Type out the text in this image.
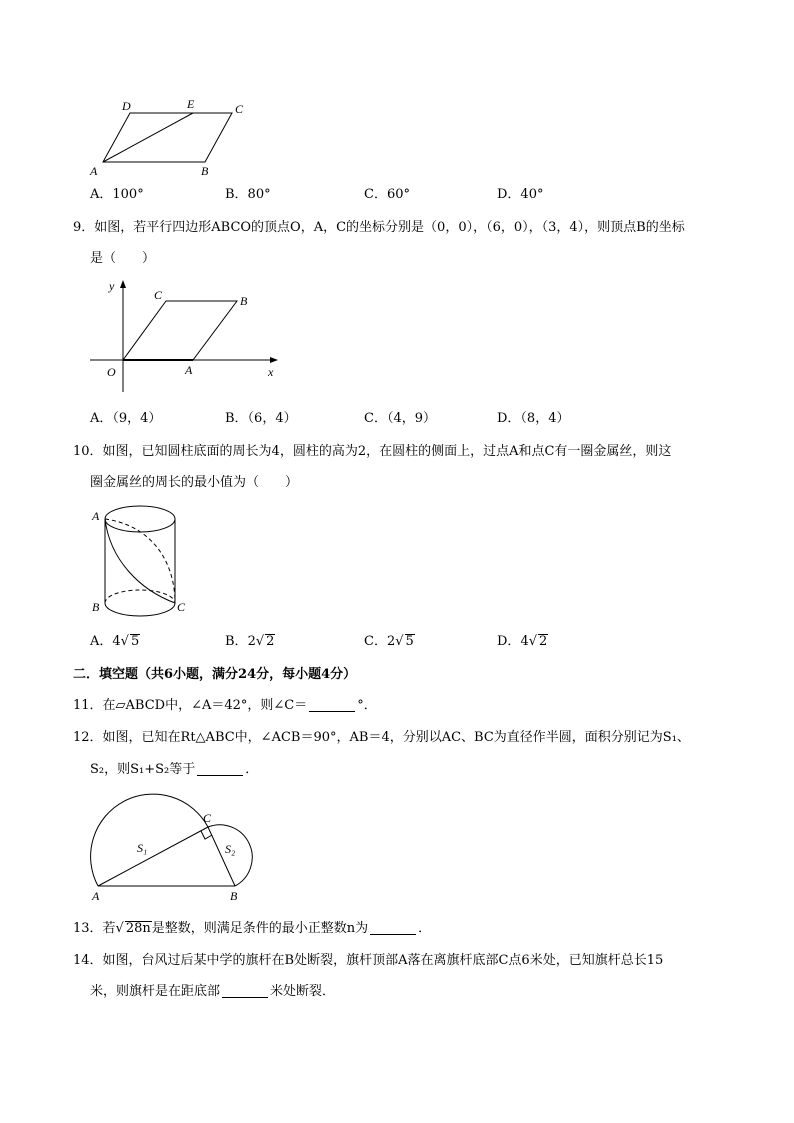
D	E	C
A	B
A．100°	B．80°	C．60°	D．40°
9．如图，若平行四边形ABCO的顶点O，A，C的坐标分别是（0，0），（6，0），（3，4），则顶点B的坐标
是（　　）
y
x
O	A
C	B
A．（9，4）	B．（6，4）	C．（4，9）	D．（8，4）
10．如图，已知圆柱底面的周长为4，圆柱的高为2，在圆柱的侧面上，过点A和点C有一圈金属丝，则这
圈金属丝的周长的最小值为（　　）
A
B	C
A．4√ 5	B．2√ 2	C．2√ 5	D．4√ 2
二．填空题（共6小题，满分24分，每小题4分）
11．在▱ABCD中，∠A＝42°，则∠C＝	°．
12．如图，已知在Rt△ABC中，∠ACB＝90°，AB＝4，分别以AC、BC为直径作半圆，面积分别记为S₁、
S₂，则S₁+S₂等于	．
C
A	B
S₁	S₂
13．若√ 28n是整数，则满足条件的最小正整数n为	．
14．如图，台风过后某中学的旗杆在B处断裂，旗杆顶部A落在离旗杆底部C点6米处，已知旗杆总长15
米，则旗杆是在距底部	米处断裂．
